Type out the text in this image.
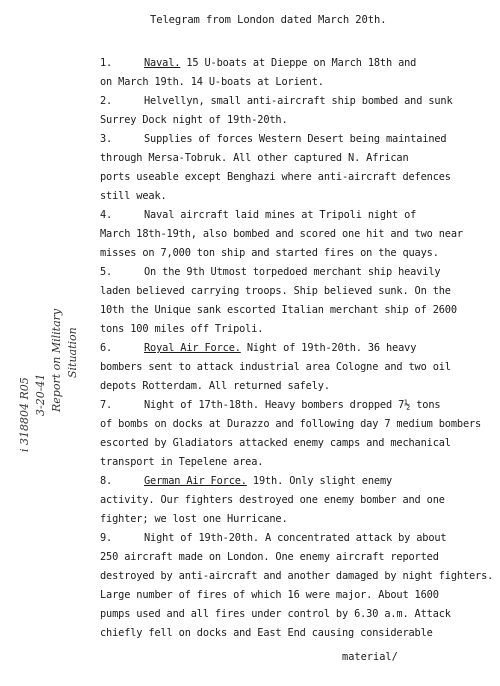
Telegram from London dated March 20th.
1.	Naval. 15 U-boats at Dieppe on March 18th and
on March 19th. 14 U-boats at Lorient.
2.	Helvellyn, small anti-aircraft ship bombed and sunk
Surrey Dock night of 19th-20th.
3.	Supplies of forces Western Desert being maintained
through Mersa-Tobruk. All other captured N. African
ports useable except Benghazi where anti-aircraft defences
still weak.
4.	Naval aircraft laid mines at Tripoli night of
March 18th-19th, also bombed and scored one hit and two near
misses on 7,000 ton ship and started fires on the quays.
5.	On the 9th Utmost torpedoed merchant ship heavily
laden believed carrying troops. Ship believed sunk. On the
10th the Unique sank escorted Italian merchant ship of 2600
tons 100 miles off Tripoli.
6.	Royal Air Force. Night of 19th-20th. 36 heavy
bombers sent to attack industrial area Cologne and two oil
depots Rotterdam. All returned safely.
7.	Night of 17th-18th. Heavy bombers dropped 7½ tons
of bombs on docks at Durazzo and following day 7 medium bombers
escorted by Gladiators attacked enemy camps and mechanical
transport in Tepelene area.
8.	German Air Force. 19th. Only slight enemy
activity. Our fighters destroyed one enemy bomber and one
fighter; we lost one Hurricane.
9.	Night of 19th-20th. A concentrated attack by about
250 aircraft made on London. One enemy aircraft reported
destroyed by anti-aircraft and another damaged by night fighters.
Large number of fires of which 16 were major. About 1600
pumps used and all fires under control by 6.30 a.m. Attack
chiefly fell on docks and East End causing considerable
material/
i 318804 R05 3-20-41 Report on Military Situation
